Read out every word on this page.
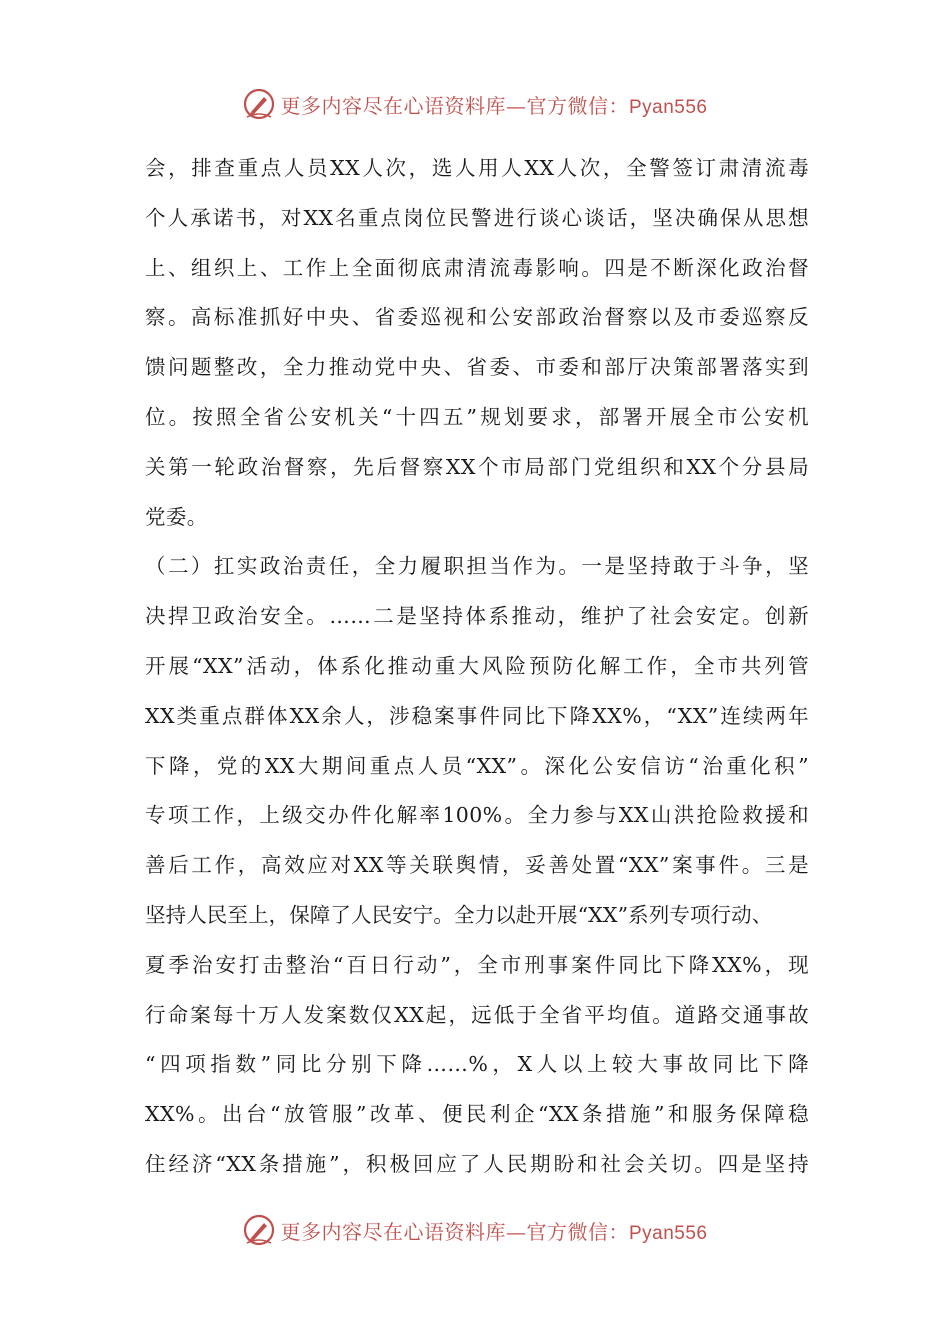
更多内容尽在心语资料库—官方微信：Pyan556
会，排查重点人员XX人次，选人用人XX人次，全警签订肃清流毒
个人承诺书，对XX名重点岗位民警进行谈心谈话，坚决确保从思想
上、组织上、工作上全面彻底肃清流毒影响。四是不断深化政治督
察。高标准抓好中央、省委巡视和公安部政治督察以及市委巡察反
馈问题整改，全力推动党中央、省委、市委和部厅决策部署落实到
位。按照全省公安机关“十四五”规划要求，部署开展全市公安机
关第一轮政治督察，先后督察XX个市局部门党组织和XX个分县局
党委。
（二）扛实政治责任，全力履职担当作为。一是坚持敢于斗争，坚
决捍卫政治安全。……二是坚持体系推动，维护了社会安定。创新
开展“XX”活动，体系化推动重大风险预防化解工作，全市共列管
XX类重点群体XX余人，涉稳案事件同比下降XX%，“XX”连续两年
下降，党的XX大期间重点人员“XX”。深化公安信访“治重化积”
专项工作，上级交办件化解率100%。全力参与XX山洪抢险救援和
善后工作，高效应对XX等关联舆情，妥善处置“XX”案事件。三是
坚持人民至上，保障了人民安宁。全力以赴开展“XX”系列专项行动、
夏季治安打击整治“百日行动”，全市刑事案件同比下降XX%，现
行命案每十万人发案数仅XX起，远低于全省平均值。道路交通事故
“四项指数”同比分别下降……%，X人以上较大事故同比下降
XX%。出台“放管服”改革、便民利企“XX条措施”和服务保障稳
住经济“XX条措施”，积极回应了人民期盼和社会关切。四是坚持
更多内容尽在心语资料库—官方微信：Pyan556
